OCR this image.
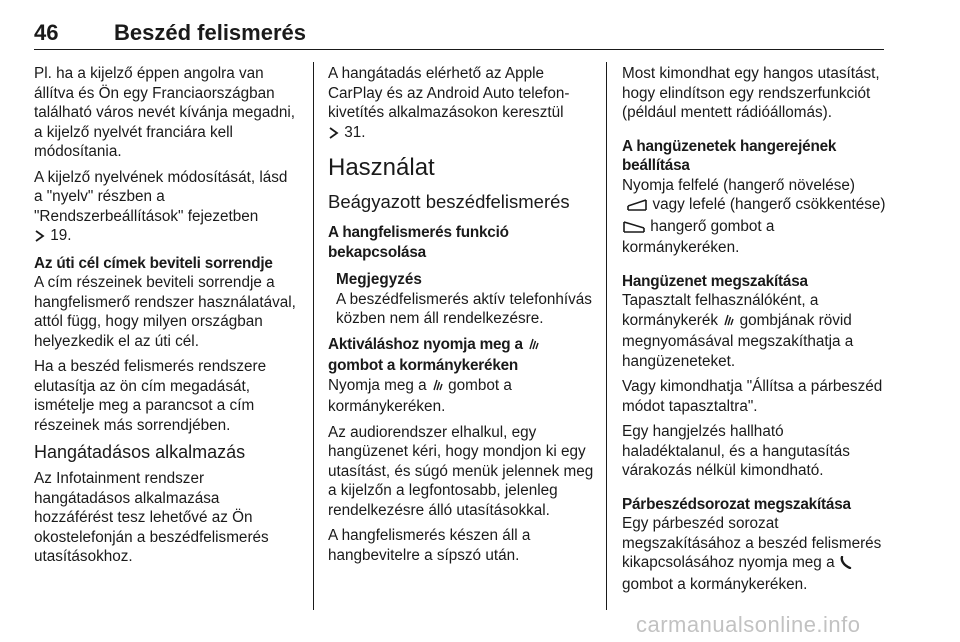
46	Beszéd felismerés

Pl. ha a kijelző éppen angolra van állítva és Ön egy Franciaországban található város nevét kívánja megadni, a kijelző nyelvét franciára kell módosítania.

A kijelző nyelvének módosítását, lásd a "nyelv" részben a "Rendszerbeállítások" fejezetben
19.

Az úti cél címek beviteli sorrendje

A cím részeinek beviteli sorrendje a hangfelismerő rendszer használatával, attól függ, hogy milyen országban helyezkedik el az úti cél.

Ha a beszéd felismerés rendszere elutasítja az ön cím megadását, ismételje meg a parancsot a cím részeinek más sorrendjében.

Hangátadásos alkalmazás

Az Infotainment rendszer hangátadásos alkalmazása hozzáférést tesz lehetővé az Ön okostelefonján a beszédfelismerés utasításokhoz.

A hangátadás elérhető az Apple CarPlay és az Android Auto telefon-kivetítés alkalmazásokon keresztül
31.

Használat
Beágyazott beszédfelismerés
A hangfelismerés funkció
bekapcsolása
Megjegyzés
A beszédfelismerés aktív telefonhívás közben nem áll rendelkezésre.
Aktiváláshoz nyomja meg a  gombot a kormánykeréken

Nyomja meg a gombot a kormánykeréken.

Az audiorendszer elhalkul, egy hangüzenet kéri, hogy mondjon ki egy utasítást, és súgó menük jelennek meg a kijelzőn a legfontosabb, jelenleg rendelkezésre álló utasításokkal.

A hangfelismerés készen áll a hangbevitelre a sípszó után.

Most kimondhat egy hangos utasítást, hogy elindítson egy rendszerfunkciót (például mentett rádióállomás).

A hangüzenetek hangerejének
beállítása

Nyomja felfelé (hangerő növelése)
vagy lefelé (hangerő csökkentése)  hangerő gombot a kormánykeréken.

Hangüzenet megszakítása

Tapasztalt felhasználóként, a kormánykerék gombjának rövid megnyomásával megszakíthatja a hangüzeneteket.

Vagy kimondhatja "Állítsa a párbeszéd módot tapasztaltra".

Egy hangjelzés hallható haladéktalanul, és a hangutasítás várakozás nélkül kimondható.

Párbeszédsorozat megszakítása

Egy párbeszéd sorozat megszakításához a beszéd felismerés kikapcsolásához nyomja meg a  gombot a kormánykeréken.

carmanualsonline.info
